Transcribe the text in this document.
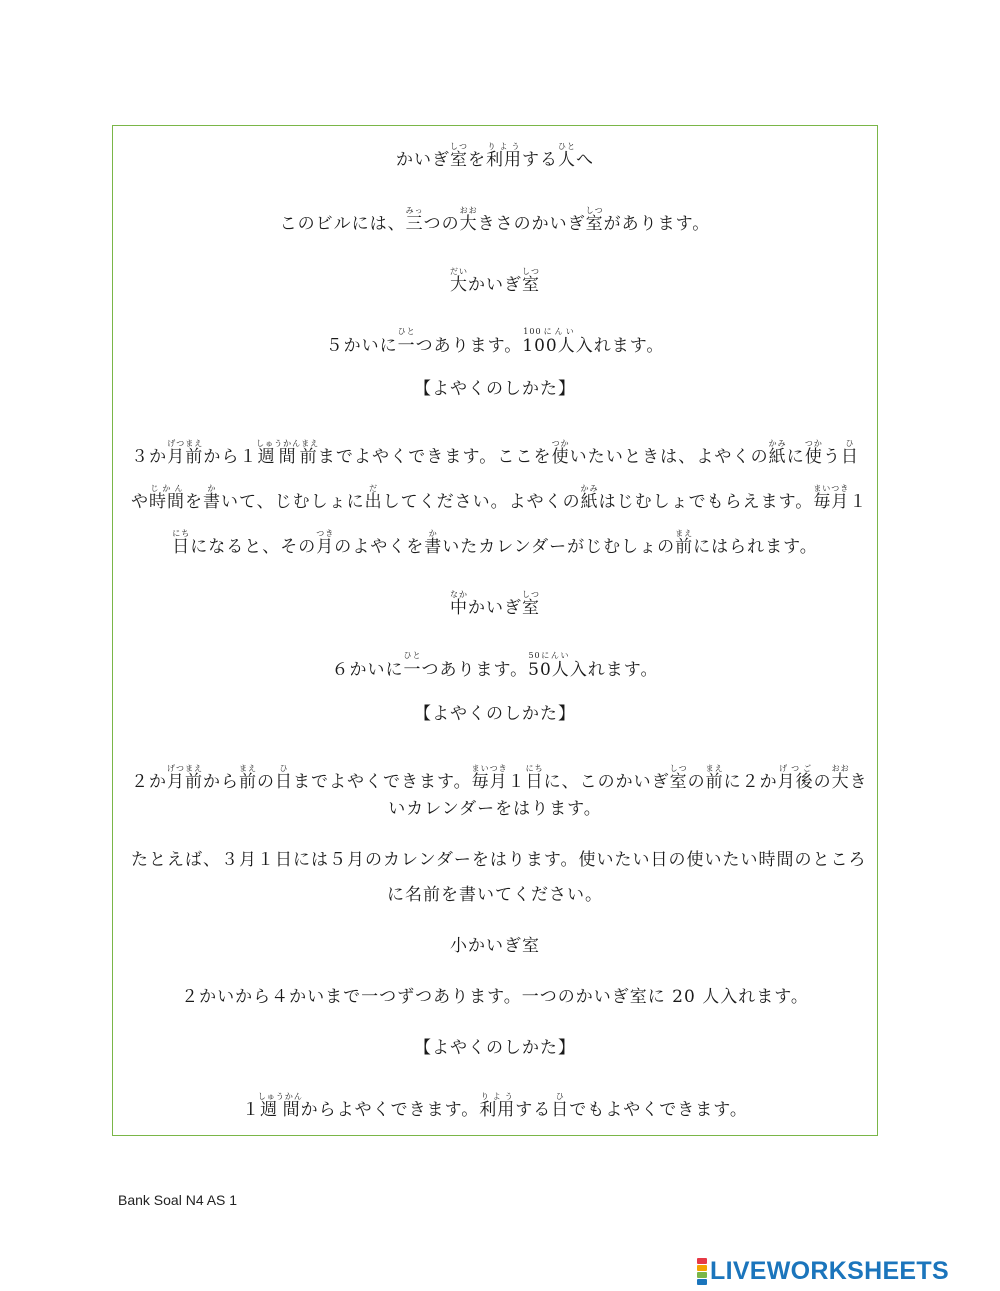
かいぎ室しつを利用りようする人ひとへ
このビルには、三みっつの大おおきさのかいぎ室しつがあります。
大だいかいぎ室しつ
５かいに一ひとつあります。100人100にんい入れます。
【よやくのしかた】
３か月前げつまえから１週間前しゅうかんまえまでよやくできます。ここを使つかいたいときは、よやくの紙かみに使つかう日ひ
や時間じかんを書かいて、じむしょに出だしてください。よやくの紙かみはじむしょでもらえます。毎月まいつき１
日にちになると、その月つきのよやくを書かいたカレンダーがじむしょの前まえにはられます。
中なかかいぎ室しつ
６かいに一ひとつあります。50人50にんい入れます。
【よやくのしかた】
２か月前げつまえから前まえの日ひまでよやくできます。毎月まいつき１日にちに、このかいぎ室しつの前まえに２か月後げつごの大おおき
いカレンダーをはります。
たとえば、３月１日には５月のカレンダーをはります。使いたい日の使いたい時間のところ
に名前を書いてください。
小かいぎ室
２かいから４かいまで一つずつあります。一つのかいぎ室に 20 人入れます。
【よやくのしかた】
１週間しゅうかんからよやくできます。利用りようする日ひでもよやくできます。
Bank Soal N4 AS 1
LIVEWORKSHEETS
